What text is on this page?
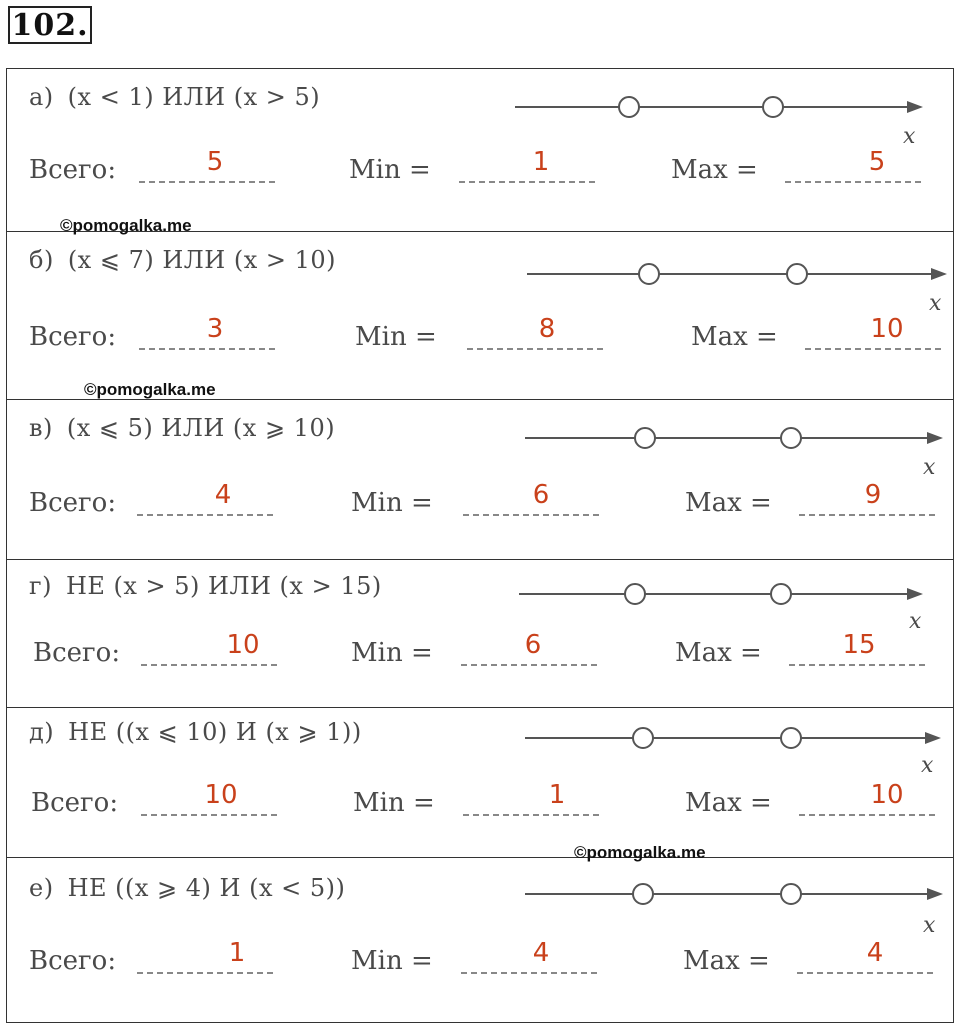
102.
а) (x < 1) ИЛИ (x > 5)
x
Всего:	5	Min =	1	Max =	5
б) (x ⩽ 7) ИЛИ (x > 10)
x
Всего:	3	Min =	8	Max =	10
в) (x ⩽ 5) ИЛИ (x ⩾ 10)
x
Всего:	4	Min =	6	Max =	9
г) НЕ (x > 5) ИЛИ (x > 15)
x
Всего:	10	Min =	6	Max =	15
д) НЕ ((x ⩽ 10) И (x ⩾ 1))
x
Всего:	10	Min =	1	Max =	10
е) НЕ ((x ⩾ 4) И (x < 5))
x
Всего:	1	Min =	4	Max =	4
©pomogalka.me
©pomogalka.me
©pomogalka.me
